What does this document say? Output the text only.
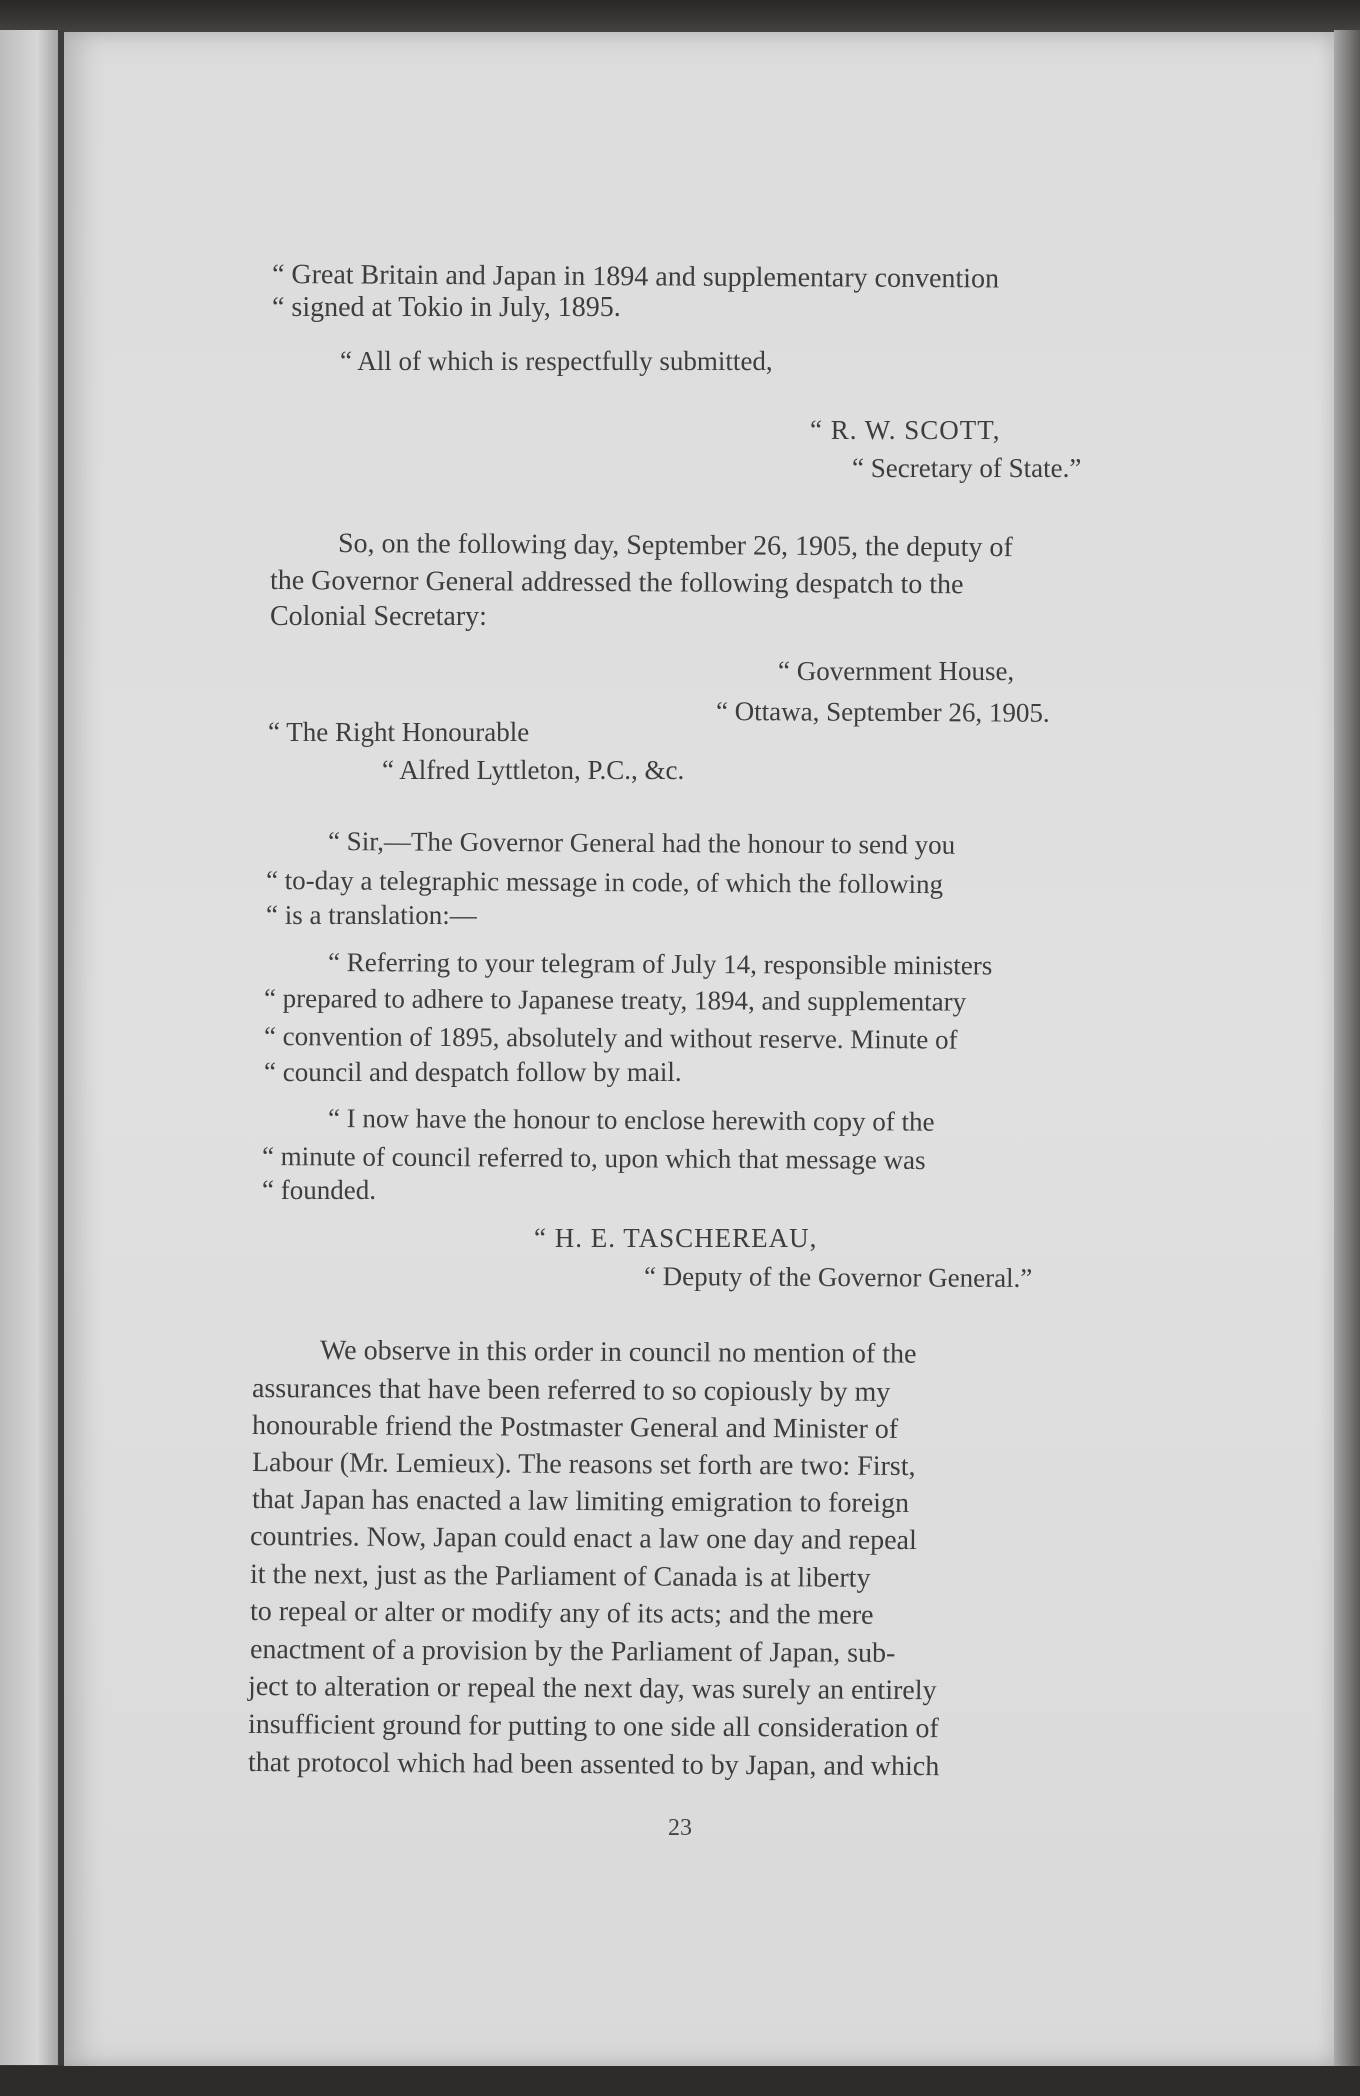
“ Great Britain and Japan in 1894 and supplementary convention
“ signed at Tokio in July, 1895.
“ All of which is respectfully submitted,
“ R. W. SCOTT,
“ Secretary of State.”
So, on the following day, September 26, 1905, the deputy of
the Governor General addressed the following despatch to the
Colonial Secretary:
“ Government House,
“ Ottawa, September 26, 1905.
“ The Right Honourable
“ Alfred Lyttleton, P.C., &c.
“ Sir,—The Governor General had the honour to send you
“ to-day a telegraphic message in code, of which the following
“ is a translation:—
“ Referring to your telegram of July 14, responsible ministers
“ prepared to adhere to Japanese treaty, 1894, and supplementary
“ convention of 1895, absolutely and without reserve. Minute of
“ council and despatch follow by mail.
“ I now have the honour to enclose herewith copy of the
“ minute of council referred to, upon which that message was
“ founded.
“ H. E. TASCHEREAU,
“ Deputy of the Governor General.”
We observe in this order in council no mention of the
assurances that have been referred to so copiously by my
honourable friend the Postmaster General and Minister of
Labour (Mr. Lemieux). The reasons set forth are two: First,
that Japan has enacted a law limiting emigration to foreign
countries. Now, Japan could enact a law one day and repeal
it the next, just as the Parliament of Canada is at liberty
to repeal or alter or modify any of its acts; and the mere
enactment of a provision by the Parliament of Japan, sub-
ject to alteration or repeal the next day, was surely an entirely
insufficient ground for putting to one side all consideration of
that protocol which had been assented to by Japan, and which
23
